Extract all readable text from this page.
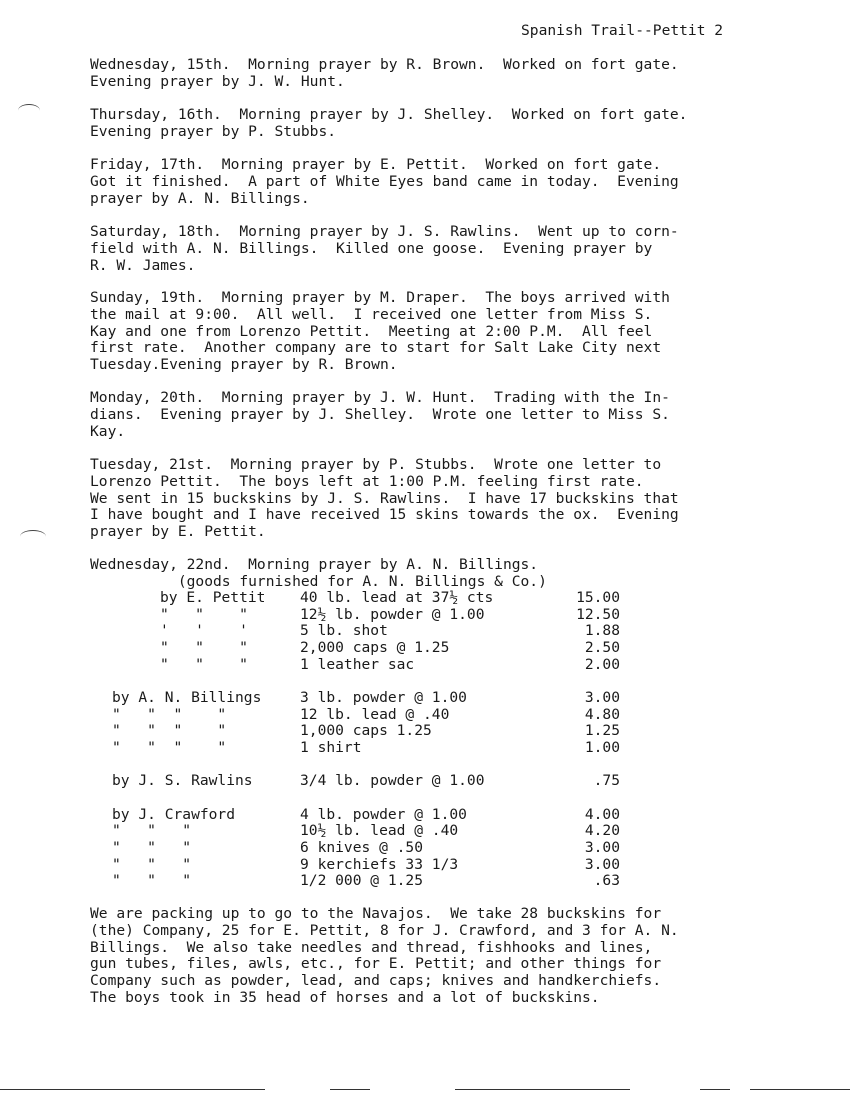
Spanish Trail--Pettit 2
Wednesday, 15th.  Morning prayer by R. Brown.  Worked on fort gate.
Evening prayer by J. W. Hunt.
Thursday, 16th.  Morning prayer by J. Shelley.  Worked on fort gate.
Evening prayer by P. Stubbs.
Friday, 17th.  Morning prayer by E. Pettit.  Worked on fort gate.
Got it finished.  A part of White Eyes band came in today.  Evening
prayer by A. N. Billings.
Saturday, 18th.  Morning prayer by J. S. Rawlins.  Went up to corn-
field with A. N. Billings.  Killed one goose.  Evening prayer by
R. W. James.
Sunday, 19th.  Morning prayer by M. Draper.  The boys arrived with
the mail at 9:00.  All well.  I received one letter from Miss S.
Kay and one from Lorenzo Pettit.  Meeting at 2:00 P.M.  All feel
first rate.  Another company are to start for Salt Lake City next
Tuesday.Evening prayer by R. Brown.
Monday, 20th.  Morning prayer by J. W. Hunt.  Trading with the In-
dians.  Evening prayer by J. Shelley.  Wrote one letter to Miss S.
Kay.
Tuesday, 21st.  Morning prayer by P. Stubbs.  Wrote one letter to
Lorenzo Pettit.  The boys left at 1:00 P.M. feeling first rate.
We sent in 15 buckskins by J. S. Rawlins.  I have 17 buckskins that
I have bought and I have received 15 skins towards the ox.  Evening
prayer by E. Pettit.
Wednesday, 22nd.  Morning prayer by A. N. Billings.
(goods furnished for A. N. Billings & Co.)
by E. Pettit 40 lb. lead at 37½ cts	15.00
"   "    "	12½ lb. powder @ 1.00	12.50
'   '    '	5 lb. shot	1.88
"   "    "	2,000 caps @ 1.25	2.50
"   "    "	1 leather sac	2.00
by A. N. Billings	3 lb. powder @ 1.00	3.00
"   "  "    "	12 lb. lead @ .40	4.80
"   "  "    "	1,000 caps 1.25	1.25
"   "  "    "	1 shirt	1.00
by J. S. Rawlins	3/4 lb. powder @ 1.00	.75
by J. Crawford	4 lb. powder @ 1.00	4.00
"   "   "	10½ lb. lead @ .40	4.20
"   "   "	6 knives @ .50	3.00
"   "   "	9 kerchiefs 33 1/3	3.00
"   "   "	1/2 000 @ 1.25	.63
We are packing up to go to the Navajos.  We take 28 buckskins for
(the) Company, 25 for E. Pettit, 8 for J. Crawford, and 3 for A. N.
Billings.  We also take needles and thread, fishhooks and lines,
gun tubes, files, awls, etc., for E. Pettit; and other things for
Company such as powder, lead, and caps; knives and handkerchiefs.
The boys took in 35 head of horses and a lot of buckskins.
